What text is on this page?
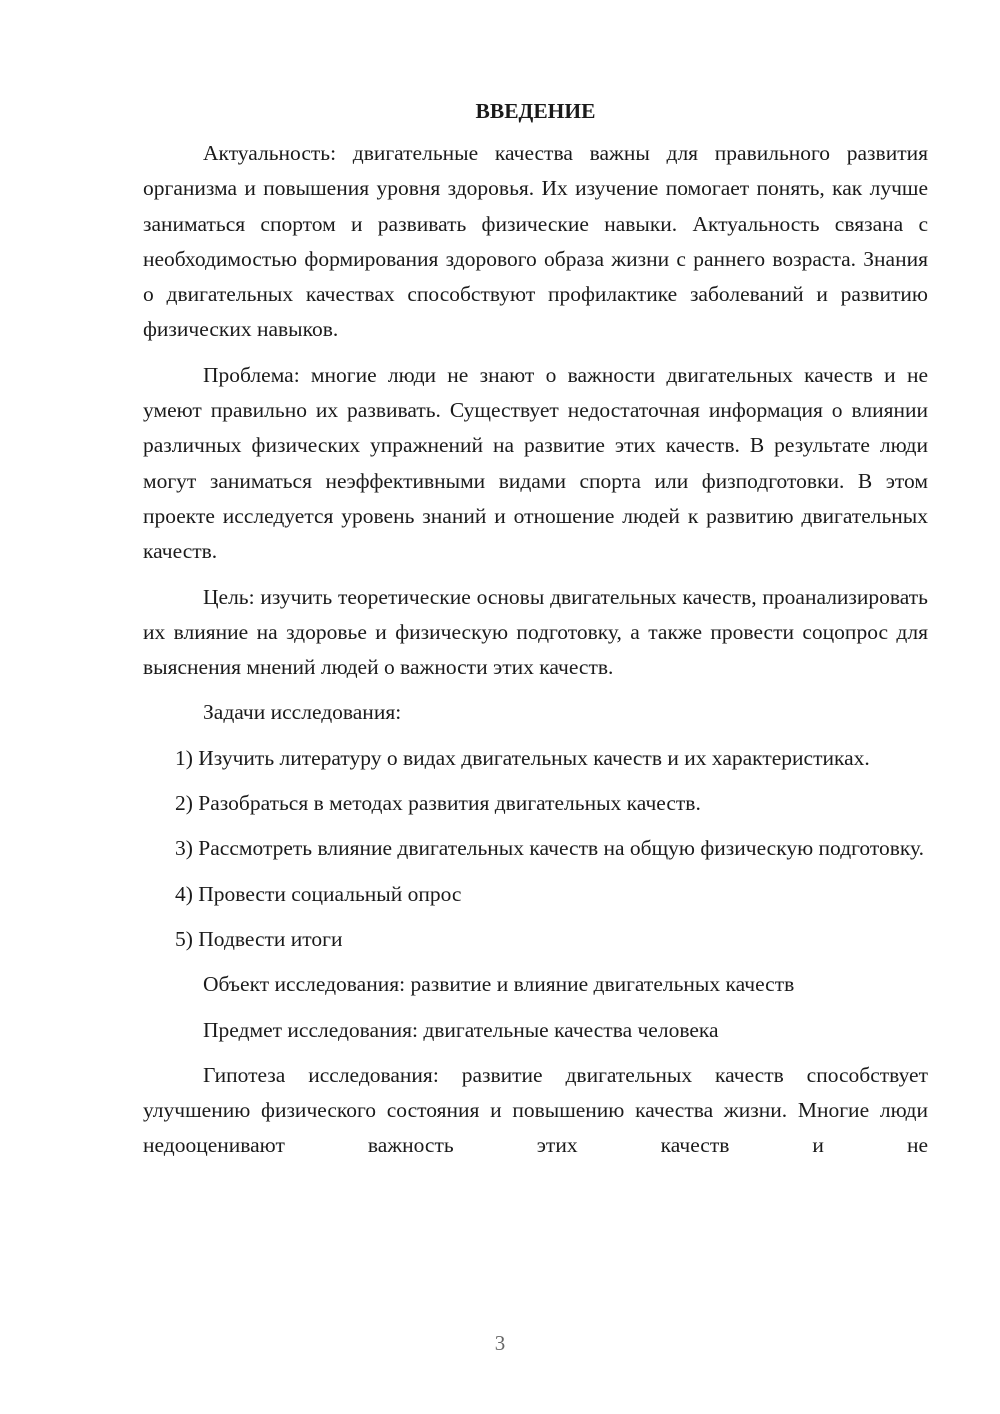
ВВЕДЕНИЕ

Актуальность: двигательные качества важны для правильного развития организма и повышения уровня здоровья. Их изучение помогает понять, как лучше заниматься спортом и развивать физические навыки. Актуальность связана с необходимостью формирования здорового образа жизни с раннего возраста. Знания о двигательных качествах способствуют профилактике заболеваний и развитию физических навыков.

Проблема: многие люди не знают о важности двигательных качеств и не умеют правильно их развивать. Существует недостаточная информация о влиянии различных физических упражнений на развитие этих качеств. В результате люди могут заниматься неэффективными видами спорта или физподготовки. В этом проекте исследуется уровень знаний и отношение людей к развитию двигательных качеств.

Цель: изучить теоретические основы двигательных качеств, проанализировать их влияние на здоровье и физическую подготовку, а также провести соцопрос для выяснения мнений людей о важности этих качеств.

Задачи исследования:

1) Изучить литературу о видах двигательных качеств и их характеристиках.

2) Разобраться в методах развития двигательных качеств.

3) Рассмотреть влияние двигательных качеств на общую физическую подготовку.

4) Провести социальный опрос

5) Подвести итоги

Объект исследования: развитие и влияние двигательных качеств

Предмет исследования: двигательные качества человека

Гипотеза исследования: развитие двигательных качеств способствует улучшению физического состояния и повышению качества жизни. Многие люди недооценивают важность этих качеств и не

3
